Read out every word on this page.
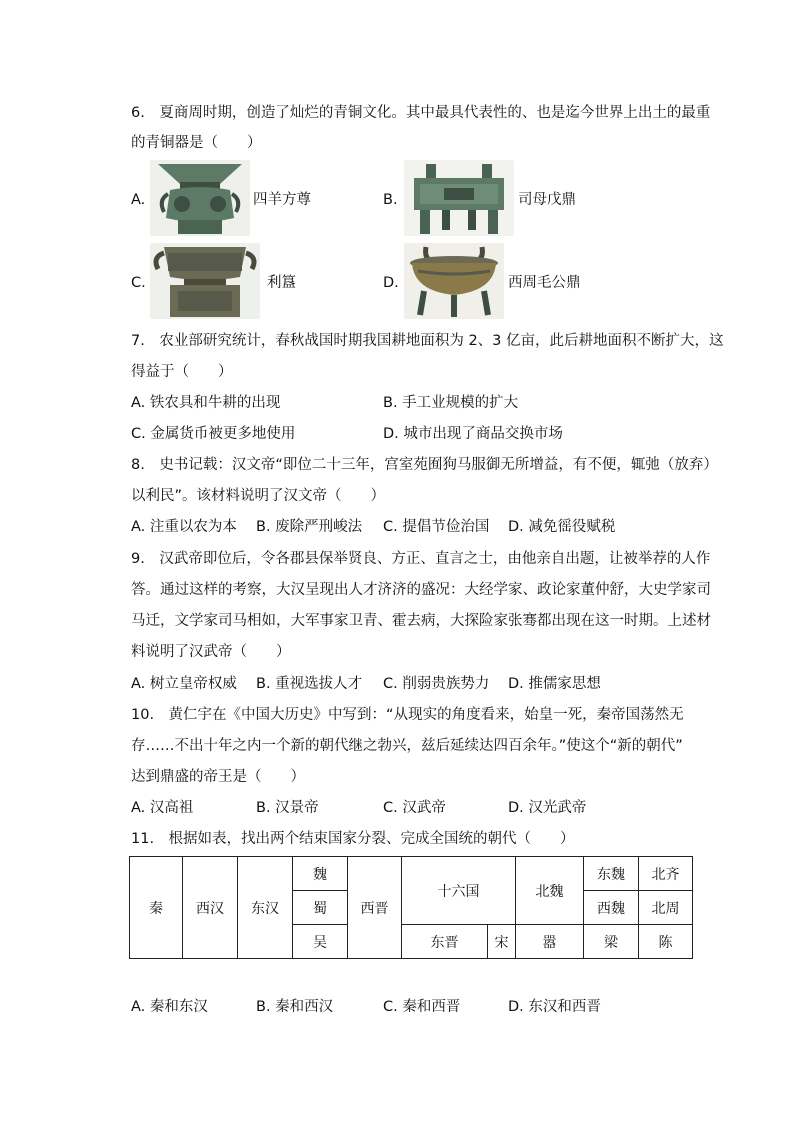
6.　夏商周时期，创造了灿烂的青铜文化。其中最具代表性的、也是迄今世界上出土的最重
的青铜器是（　　）
A.	四羊方尊	B.	司母戊鼎
C.	利簋	D.	西周毛公鼎
7.　农业部研究统计，春秋战国时期我国耕地面积为 2、3 亿亩，此后耕地面积不断扩大，这
得益于（　　）
A. 铁农具和牛耕的出现	B. 手工业规模的扩大
C. 金属货币被更多地使用	D. 城市出现了商品交换市场
8.　史书记载：汉文帝“即位二十三年，宫室苑囿狗马服御无所增益，有不便，辄弛（放弃）
以利民”。该材料说明了汉文帝（　　）
A. 注重以农为本 B. 废除严刑峻法 C. 提倡节俭治国 D. 减免徭役赋税
9.　汉武帝即位后，令各郡县保举贤良、方正、直言之士，由他亲自出题，让被举荐的人作
答。通过这样的考察，大汉呈现出人才济济的盛况：大经学家、政论家董仲舒，大史学家司
马迁，文学家司马相如，大军事家卫青、霍去病，大探险家张骞都出现在这一时期。上述材
料说明了汉武帝（　　）
A. 树立皇帝权威 B. 重视选拔人才 C. 削弱贵族势力 D. 推儒家思想
10.　黄仁宇在《中国大历史》中写到：“从现实的角度看来，始皇一死，秦帝国荡然无
存……不出十年之内一个新的朝代继之勃兴，兹后延续达四百余年。”使这个“新的朝代”
达到鼎盛的帝王是（　　）
A. 汉高祖	B. 汉景帝	C. 汉武帝	D. 汉光武帝
11.　根据如表，找出两个结束国家分裂、完成全国统的朝代（　　）
秦	西汉	东汉	魏	西晋	十六国		北魏	东魏	北齐
			蜀					西魏	北周
			吴		东晋	宋	嚣	梁	陈
A. 秦和东汉	B. 秦和西汉	C. 秦和西晋	D. 东汉和西晋
